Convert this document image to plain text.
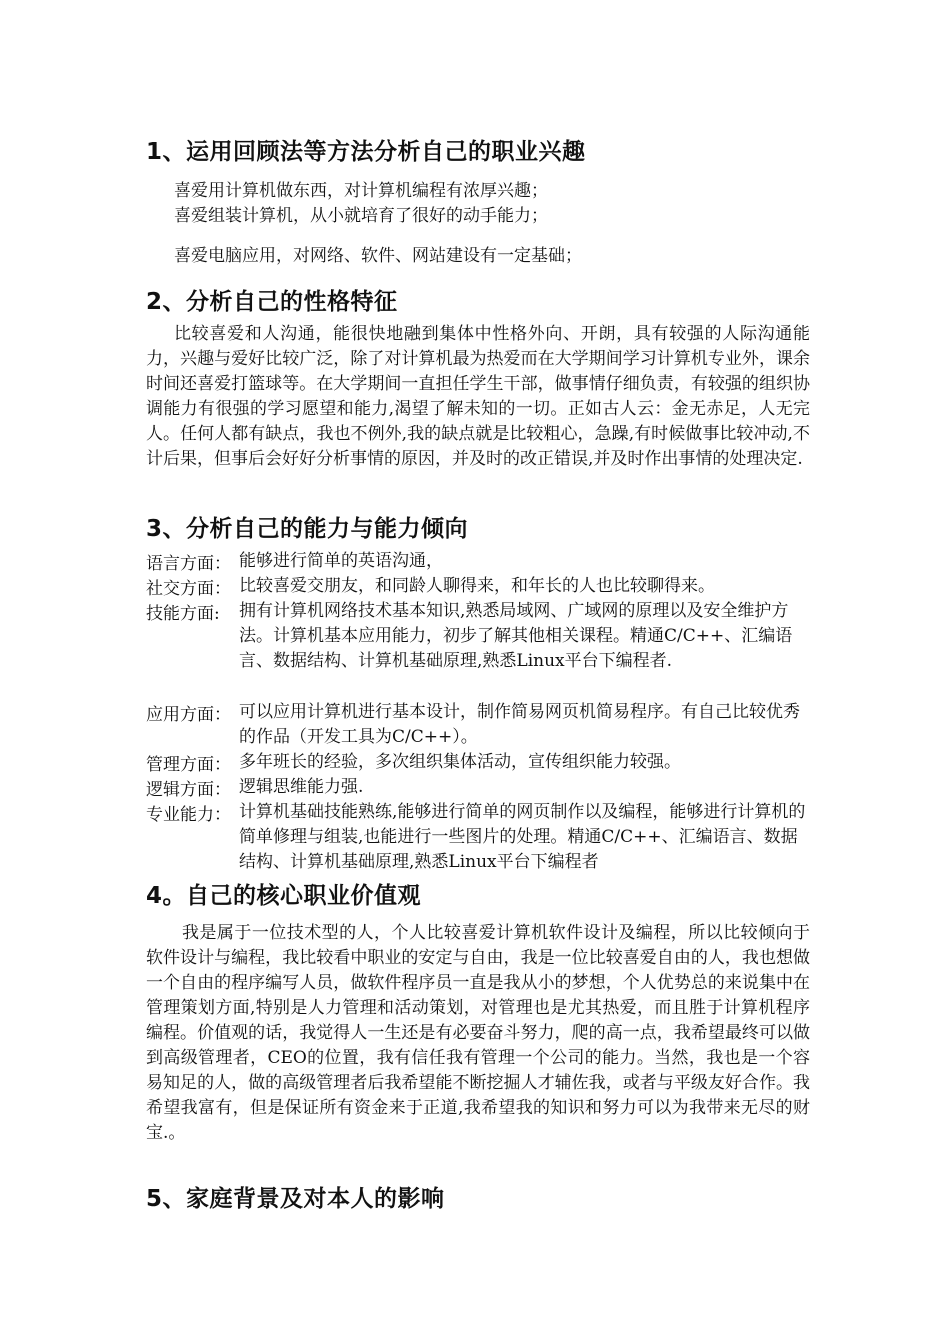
1、运用回顾法等方法分析自己的职业兴趣
喜爱用计算机做东西，对计算机编程有浓厚兴趣；
喜爱组装计算机，从小就培育了很好的动手能力；
喜爱电脑应用，对网络、软件、网站建设有一定基础；
2、分析自己的性格特征
比较喜爱和人沟通，能很快地融到集体中性格外向、开朗，具有较强的人际沟通能力，兴趣与爱好比较广泛，除了对计算机最为热爱而在大学期间学习计算机专业外，课余时间还喜爱打篮球等。在大学期间一直担任学生干部，做事情仔细负责，有较强的组织协调能力有很强的学习愿望和能力,渴望了解未知的一切。正如古人云：金无赤足，人无完人。任何人都有缺点，我也不例外,我的缺点就是比较粗心，急躁,有时候做事比较冲动,不计后果，但事后会好好分析事情的原因，并及时的改正错误,并及时作出事情的处理决定.
3、分析自己的能力与能力倾向
语言方面： 能够进行简单的英语沟通，
社交方面： 比较喜爱交朋友，和同龄人聊得来，和年长的人也比较聊得来。
技能方面: 拥有计算机网络技术基本知识,熟悉局域网、广域网的原理以及安全维护方法。计算机基本应用能力，初步了解其他相关课程。精通C/C++、汇编语言、数据结构、计算机基础原理,熟悉Linux平台下编程者.
应用方面： 可以应用计算机进行基本设计，制作简易网页机简易程序。有自己比较优秀的作品（开发工具为C/C++）。
管理方面： 多年班长的经验，多次组织集体活动，宣传组织能力较强。
逻辑方面： 逻辑思维能力强.
专业能力： 计算机基础技能熟练,能够进行简单的网页制作以及编程，能够进行计算机的简单修理与组装,也能进行一些图片的处理。精通C/C++、汇编语言、数据结构、计算机基础原理,熟悉Linux平台下编程者
4。自己的核心职业价值观
我是属于一位技术型的人，个人比较喜爱计算机软件设计及编程，所以比较倾向于软件设计与编程，我比较看中职业的安定与自由，我是一位比较喜爱自由的人，我也想做一个自由的程序编写人员，做软件程序员一直是我从小的梦想，个人优势总的来说集中在管理策划方面,特别是人力管理和活动策划，对管理也是尤其热爱，而且胜于计算机程序编程。价值观的话，我觉得人一生还是有必要奋斗努力，爬的高一点，我希望最终可以做到高级管理者，CEO的位置，我有信任我有管理一个公司的能力。当然，我也是一个容易知足的人，做的高级管理者后我希望能不断挖掘人才辅佐我，或者与平级友好合作。我希望我富有，但是保证所有资金来于正道,我希望我的知识和努力可以为我带来无尽的财宝.。
5、家庭背景及对本人的影响
